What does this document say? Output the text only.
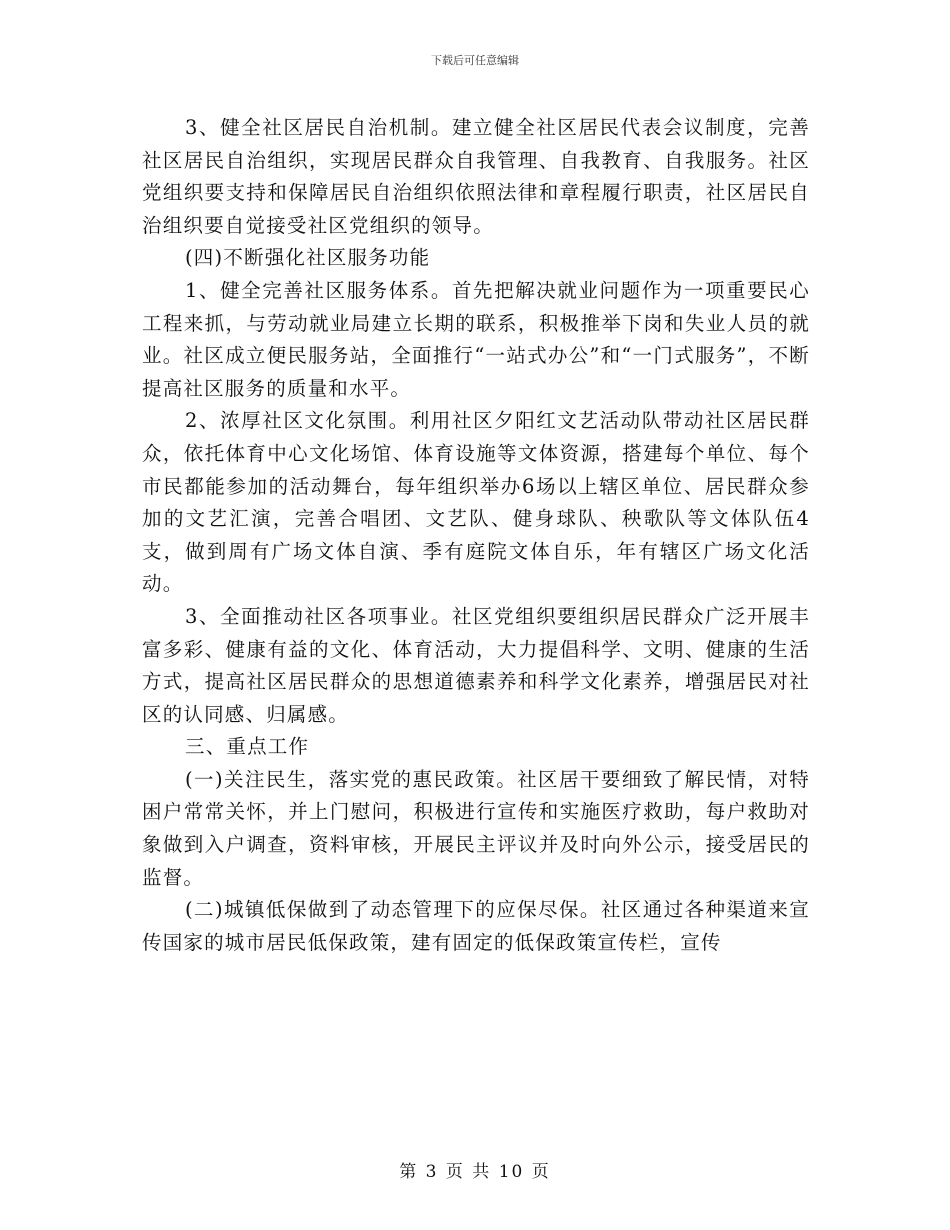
下载后可任意编辑

3、健全社区居民自治机制。建立健全社区居民代表会议制度，完善社区居民自治组织，实现居民群众自我管理、自我教育、自我服务。社区党组织要支持和保障居民自治组织依照法律和章程履行职责，社区居民自治组织要自觉接受社区党组织的领导。

(四)不断强化社区服务功能

1、健全完善社区服务体系。首先把解决就业问题作为一项重要民心工程来抓，与劳动就业局建立长期的联系，积极推举下岗和失业人员的就业。社区成立便民服务站，全面推行“一站式办公”和“一门式服务”，不断提高社区服务的质量和水平。

2、浓厚社区文化氛围。利用社区夕阳红文艺活动队带动社区居民群众，依托体育中心文化场馆、体育设施等文体资源，搭建每个单位、每个市民都能参加的活动舞台，每年组织举办6场以上辖区单位、居民群众参加的文艺汇演，完善合唱团、文艺队、健身球队、秧歌队等文体队伍4支，做到周有广场文体自演、季有庭院文体自乐，年有辖区广场文化活动。

3、全面推动社区各项事业。社区党组织要组织居民群众广泛开展丰富多彩、健康有益的文化、体育活动，大力提倡科学、文明、健康的生活方式，提高社区居民群众的思想道德素养和科学文化素养，增强居民对社区的认同感、归属感。

三、重点工作

(一)关注民生，落实党的惠民政策。社区居干要细致了解民情，对特困户常常关怀，并上门慰问，积极进行宣传和实施医疗救助，每户救助对象做到入户调查，资料审核，开展民主评议并及时向外公示，接受居民的监督。

(二)城镇低保做到了动态管理下的应保尽保。社区通过各种渠道来宣传国家的城市居民低保政策，建有固定的低保政策宣传栏，宣传

第 3 页 共 10 页
